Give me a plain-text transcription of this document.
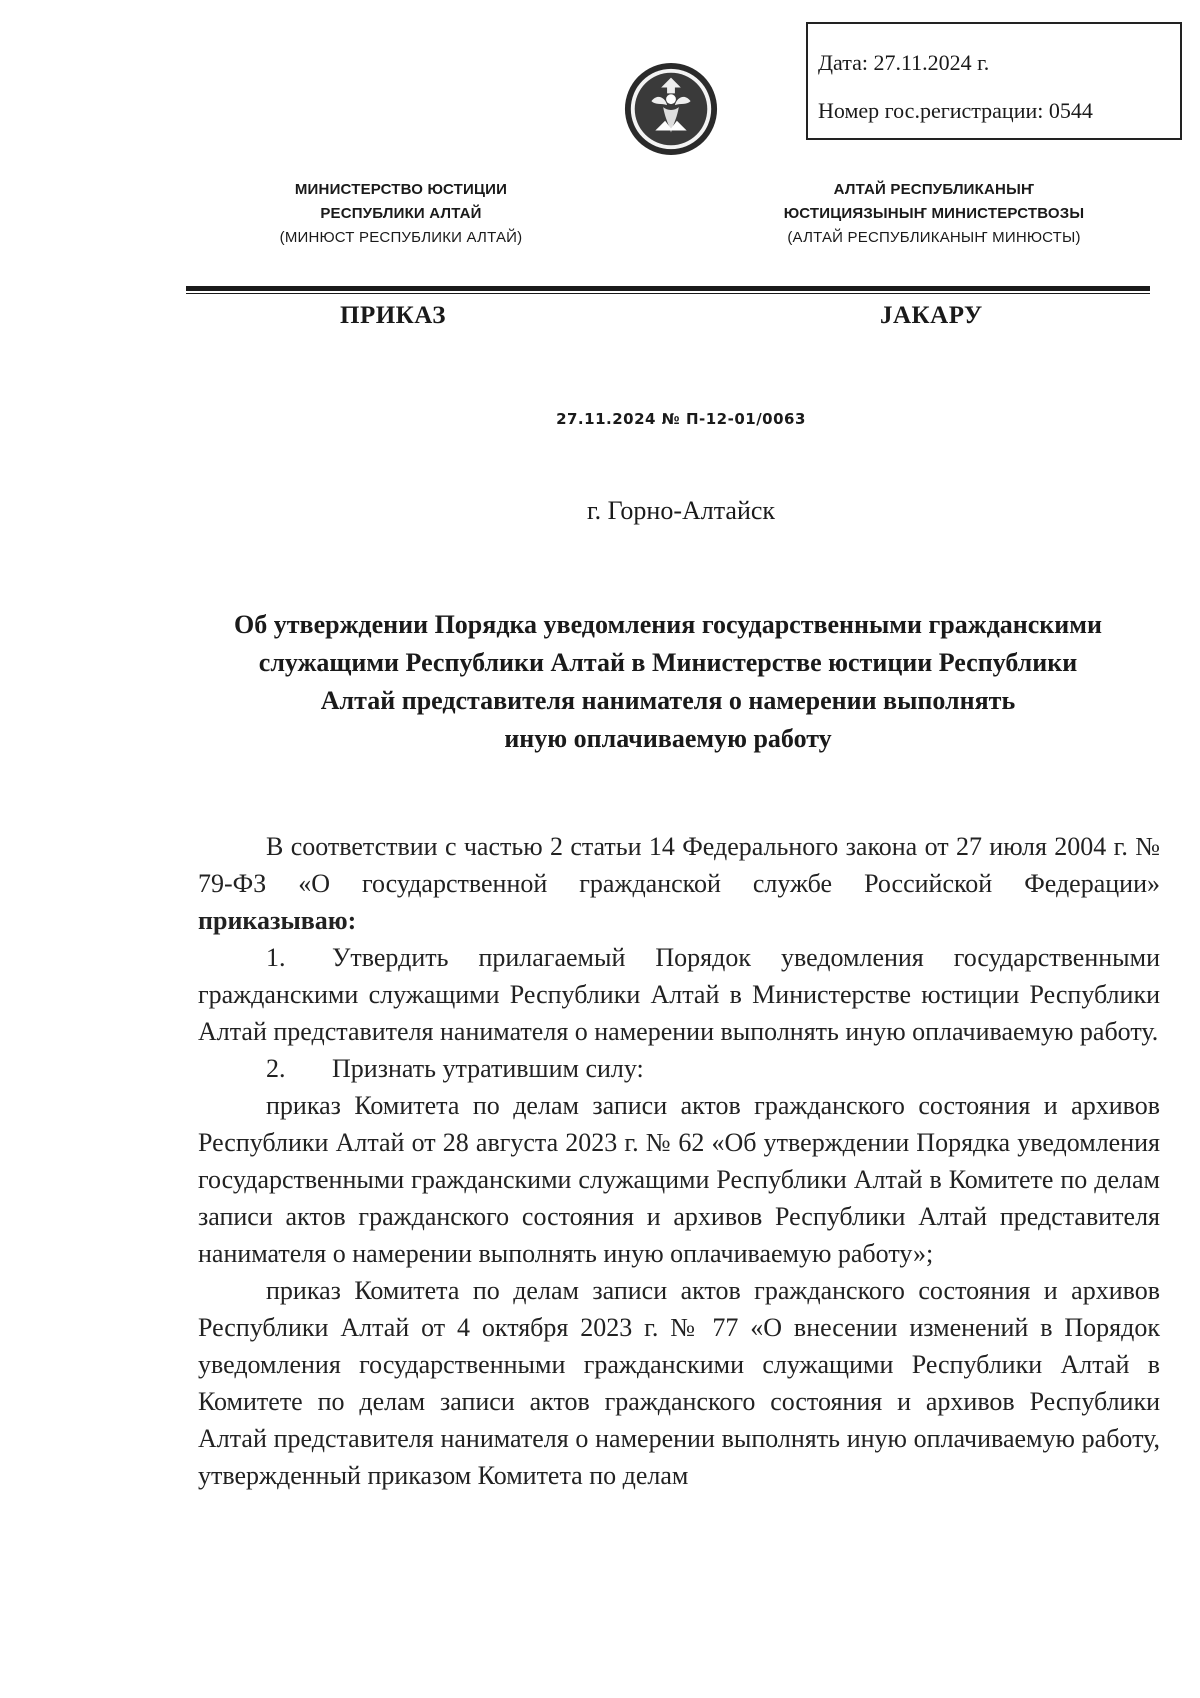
Дата: 27.11.2024 г.
Номер гос.регистрации: 0544
МИНИСТЕРСТВО ЮСТИЦИИ
РЕСПУБЛИКИ АЛТАЙ
(МИНЮСТ РЕСПУБЛИКИ АЛТАЙ)
АЛТАЙ РЕСПУБЛИКАНЫҤ
ЮСТИЦИЯЗЫНЫҤ МИНИСТЕРСТВОЗЫ
(АЛТАЙ РЕСПУБЛИКАНЫҤ МИНЮСТЫ)
ПРИКАЗ	JАКАРУ
27.11.2024 № П-12-01/0063
г. Горно-Алтайск
Об утверждении Порядка уведомления государственными гражданскими
служащими Республики Алтай в Министерстве юстиции Республики
Алтай представителя нанимателя о намерении выполнять
иную оплачиваемую работу

В соответствии с частью 2 статьи 14 Федерального закона от 27 июля 2004 г. № 79-ФЗ «О государственной гражданской службе Российской Федерации» приказываю:

1. Утвердить прилагаемый Порядок уведомления государственными гражданскими служащими Республики Алтай в Министерстве юстиции Республики Алтай представителя нанимателя о намерении выполнять иную оплачиваемую работу.

2. Признать утратившим силу:

приказ Комитета по делам записи актов гражданского состояния и архивов Республики Алтай от 28 августа 2023 г. № 62 «Об утверждении Порядка уведомления государственными гражданскими служащими Республики Алтай в Комитете по делам записи актов гражданского состояния и архивов Республики Алтай представителя нанимателя о намерении выполнять иную оплачиваемую работу»;

приказ Комитета по делам записи актов гражданского состояния и архивов Республики Алтай от 4 октября 2023 г. № 77 «О внесении изменений в Порядок уведомления государственными гражданскими служащими Республики Алтай в Комитете по делам записи актов гражданского состояния и архивов Республики Алтай представителя нанимателя о намерении выполнять иную оплачиваемую работу, утвержденный приказом Комитета по делам
